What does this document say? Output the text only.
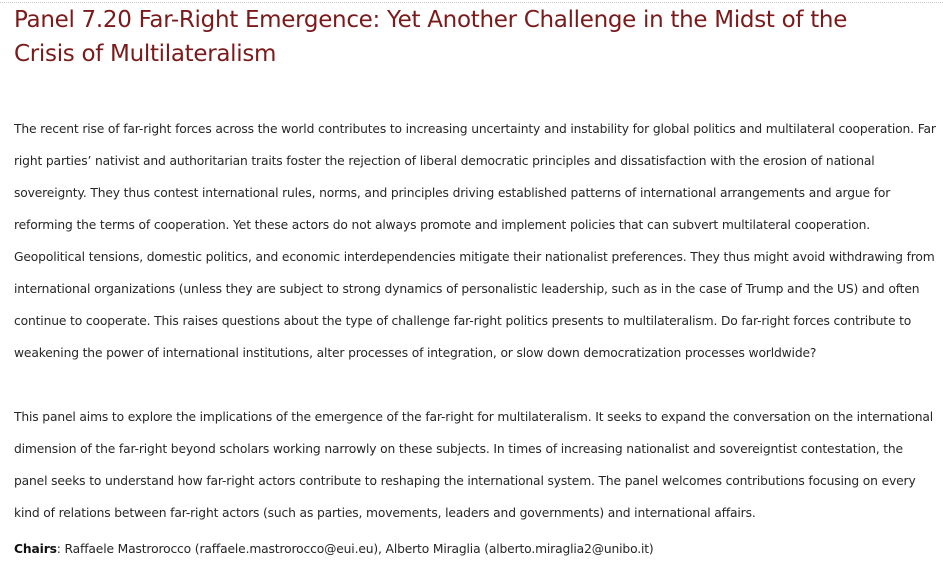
Panel 7.20 Far-Right Emergence: Yet Another Challenge in the Midst of the Crisis of Multilateralism

The recent rise of far-right forces across the world contributes to increasing uncertainty and instability for global politics and multilateral cooperation. Far right parties’ nativist and authoritarian traits foster the rejection of liberal democratic principles and dissatisfaction with the erosion of national sovereignty. They thus contest international rules, norms, and principles driving established patterns of international arrangements and argue for reforming the terms of cooperation. Yet these actors do not always promote and implement policies that can subvert multilateral cooperation. Geopolitical tensions, domestic politics, and economic interdependencies mitigate their nationalist preferences. They thus might avoid withdrawing from international organizations (unless they are subject to strong dynamics of personalistic leadership, such as in the case of Trump and the US) and often continue to cooperate. This raises questions about the type of challenge far-right politics presents to multilateralism. Do far-right forces contribute to weakening the power of international institutions, alter processes of integration, or slow down democratization processes worldwide?

This panel aims to explore the implications of the emergence of the far-right for multilateralism. It seeks to expand the conversation on the international dimension of the far-right beyond scholars working narrowly on these subjects. In times of increasing nationalist and sovereigntist contestation, the panel seeks to understand how far-right actors contribute to reshaping the international system. The panel welcomes contributions focusing on every kind of relations between far-right actors (such as parties, movements, leaders and governments) and international affairs.

Chairs: Raffaele Mastrorocco (raffaele.mastrorocco@eui.eu), Alberto Miraglia (alberto.miraglia2@unibo.it)
